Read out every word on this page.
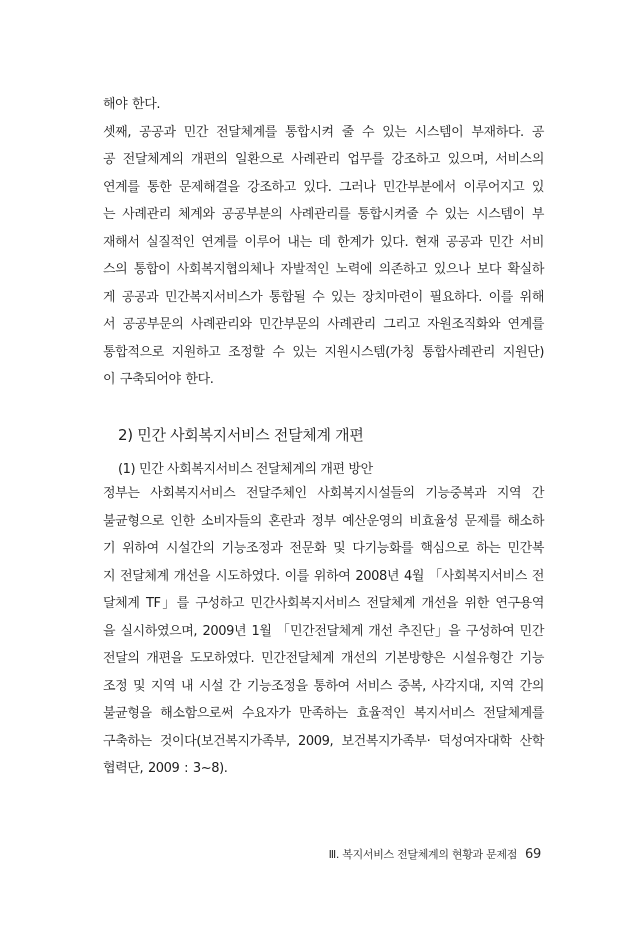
해야 한다.
셋째, 공공과 민간 전달체계를 통합시켜 줄 수 있는 시스템이 부재하다. 공
공 전달체계의 개편의 일환으로 사례관리 업무를 강조하고 있으며, 서비스의
연계를 통한 문제해결을 강조하고 있다. 그러나 민간부분에서 이루어지고 있
는 사례관리 체계와 공공부분의 사례관리를 통합시켜줄 수 있는 시스템이 부
재해서 실질적인 연계를 이루어 내는 데 한계가 있다. 현재 공공과 민간 서비
스의 통합이 사회복지협의체나 자발적인 노력에 의존하고 있으나 보다 확실하
게 공공과 민간복지서비스가 통합될 수 있는 장치마련이 필요하다. 이를 위해
서 공공부문의 사례관리와 민간부문의 사례관리 그리고 자원조직화와 연계를
통합적으로 지원하고 조정할 수 있는 지원시스템(가칭 통합사례관리 지원단)
이 구축되어야 한다.
2) 민간 사회복지서비스 전달체계 개편
(1) 민간 사회복지서비스 전달체계의 개편 방안
정부는 사회복지서비스 전달주체인 사회복지시설들의 기능중복과 지역 간
불균형으로 인한 소비자들의 혼란과 정부 예산운영의 비효율성 문제를 해소하
기 위하여 시설간의 기능조정과 전문화 및 다기능화를 핵심으로 하는 민간복
지 전달체계 개선을 시도하였다. 이를 위하여 2008년 4월 「사회복지서비스 전
달체계 TF」를 구성하고 민간사회복지서비스 전달체계 개선을 위한 연구용역
을 실시하였으며, 2009년 1월 「민간전달체계 개선 추진단」을 구성하여 민간
전달의 개편을 도모하였다. 민간전달체계 개선의 기본방향은 시설유형간 기능
조정 및 지역 내 시설 간 기능조정을 통하여 서비스 중복, 사각지대, 지역 간의
불균형을 해소함으로써 수요자가 만족하는 효율적인 복지서비스 전달체계를
구축하는 것이다(보건복지가족부, 2009, 보건복지가족부· 덕성여자대학 산학
협력단, 2009 : 3~8).
Ⅲ. 복지서비스 전달체계의 현황과 문제점 69
